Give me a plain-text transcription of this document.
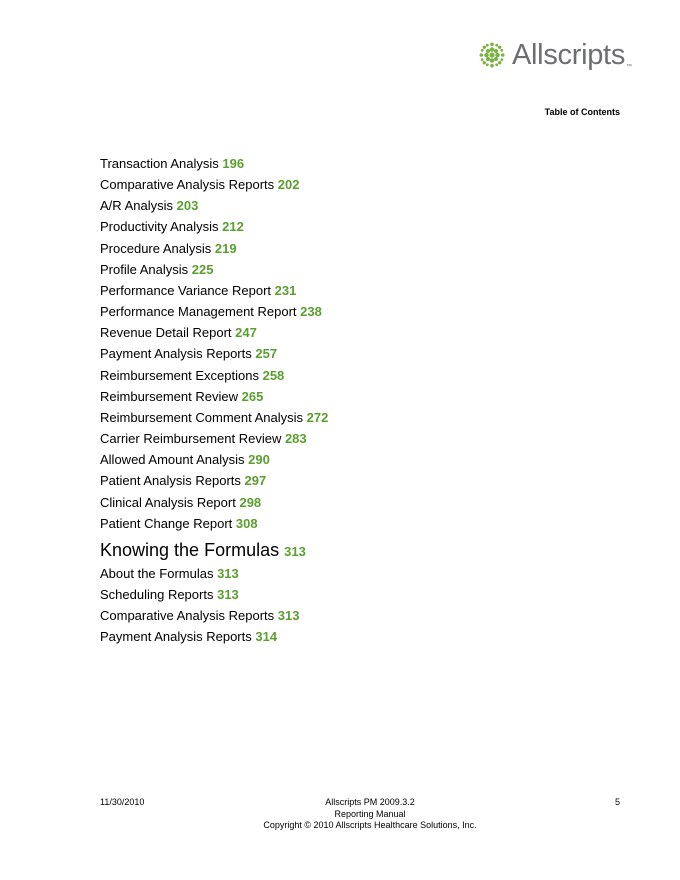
Allscripts ™
Table of Contents
Transaction Analysis 196
Comparative Analysis Reports 202
A/R Analysis 203
Productivity Analysis 212
Procedure Analysis 219
Profile Analysis 225
Performance Variance Report 231
Performance Management Report 238
Revenue Detail Report 247
Payment Analysis Reports 257
Reimbursement Exceptions 258
Reimbursement Review 265
Reimbursement Comment Analysis 272
Carrier Reimbursement Review 283
Allowed Amount Analysis 290
Patient Analysis Reports 297
Clinical Analysis Report 298
Patient Change Report 308
Knowing the Formulas 313
About the Formulas 313
Scheduling Reports 313
Comparative Analysis Reports 313
Payment Analysis Reports 314
11/30/2010	Allscripts PM 2009.3.2
Reporting Manual
Copyright © 2010 Allscripts Healthcare Solutions, Inc.
5
